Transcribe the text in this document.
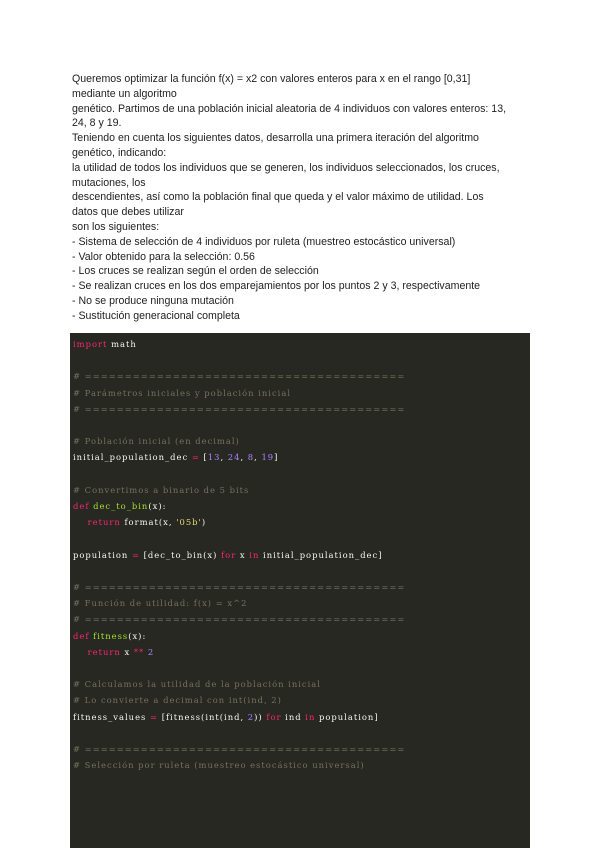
Queremos optimizar la función f(x) = x2 con valores enteros para x en el rango [0,31]

mediante un algoritmo

genético. Partimos de una población inicial aleatoria de 4 individuos con valores enteros: 13,

24, 8 y 19.

Teniendo en cuenta los siguientes datos, desarrolla una primera iteración del algoritmo

genético, indicando:

la utilidad de todos los individuos que se generen, los individuos seleccionados, los cruces,

mutaciones, los

descendientes, así como la población final que queda y el valor máximo de utilidad. Los

datos que debes utilizar

son los siguientes:

- Sistema de selección de 4 individuos por ruleta (muestreo estocástico universal)

- Valor obtenido para la selección: 0.56

- Los cruces se realizan según el orden de selección

- Se realizan cruces en los dos emparejamientos por los puntos 2 y 3, respectivamente

- No se produce ninguna mutación

- Sustitución generacional completa

import math
# ========================================
# Parámetros iniciales y población inicial
# ========================================
# Población inicial (en decimal)
initial_population_dec = [13, 24, 8, 19]
# Convertimos a binario de 5 bits
def dec_to_bin(x):
return format(x, '05b')
population = [dec_to_bin(x) for x in initial_population_dec]
# ========================================
# Función de utilidad: f(x) = x^2
# ========================================
def fitness(x):
return x ** 2
# Calculamos la utilidad de la población inicial
# Lo convierte a decimal con int(ind, 2)
fitness_values = [fitness(int(ind, 2)) for ind in population]
# ========================================
# Selección por ruleta (muestreo estocástico universal)
